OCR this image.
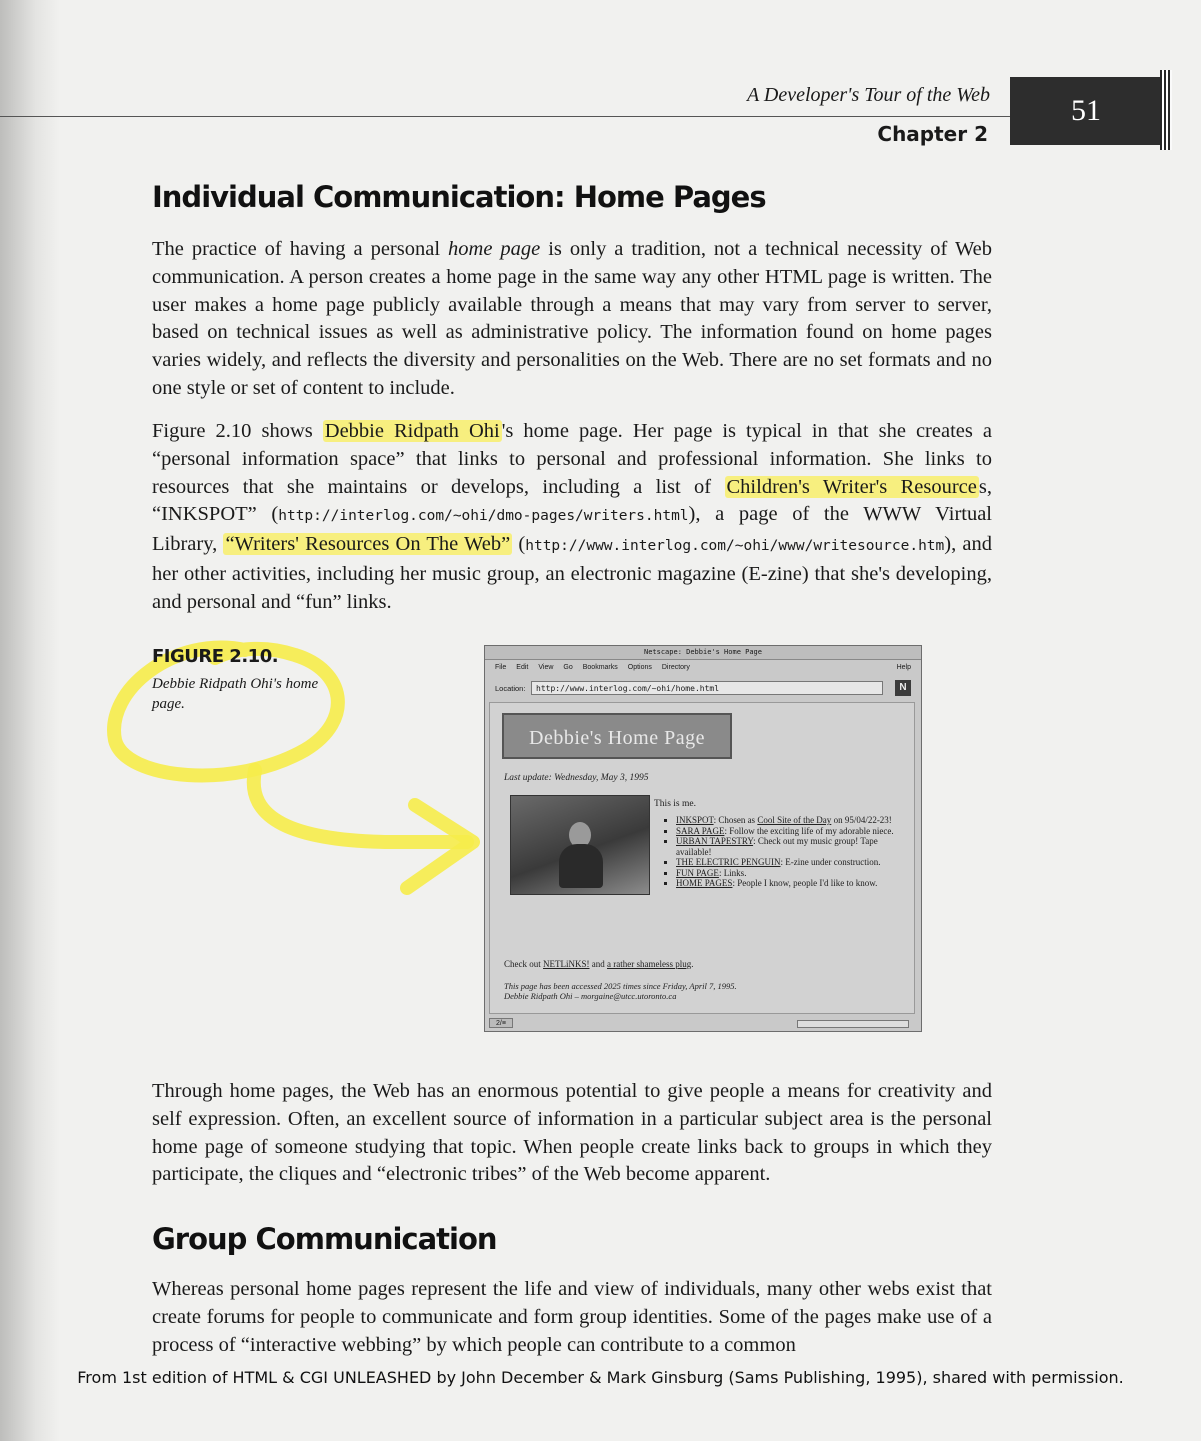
A Developer's Tour of the Web
Chapter 2
51
Individual Communication: Home Pages
The practice of having a personal home page is only a tradition, not a technical necessity of Web communication. A person creates a home page in the same way any other HTML page is written. The user makes a home page publicly available through a means that may vary from server to server, based on technical issues as well as administrative policy. The information found on home pages varies widely, and reflects the diversity and personalities on the Web. There are no set formats and no one style or set of content to include.
Figure 2.10 shows Debbie Ridpath Ohi's home page. Her page is typical in that she creates a “personal information space” that links to personal and professional information. She links to resources that she maintains or develops, including a list of Children's Writer's Resources, “INKSPOT” (http://interlog.com/~ohi/dmo-pages/writers.html), a page of the WWW Virtual Library, “Writers' Resources On The Web” (http://www.interlog.com/~ohi/www/writesource.htm), and her other activities, including her music group, an electronic magazine (E-zine) that she's developing, and personal and “fun” links.
FIGURE 2.10.
Debbie Ridpath Ohi's home page.
Netscape: Debbie's Home Page
File Edit View Go Bookmarks Options Directory	Help
Location:	http://www.interlog.com/~ohi/home.html	N
Debbie's Home Page
Last update: Wednesday, May 3, 1995
This is me.
▪ INKSPOT: Chosen as Cool Site of the Day on 95/04/22-23!
▪ SARA PAGE: Follow the exciting life of my adorable niece.
▪ URBAN TAPESTRY: Check out my music group! Tape available!
▪ THE ELECTRIC PENGUIN: E-zine under construction.
▪ FUN PAGE: Links.
▪ HOME PAGES: People I know, people I'd like to know.
Check out NETLiNKS! and a rather shameless plug.
This page has been accessed 2025 times since Friday, April 7, 1995.
Debbie Ridpath Ohi – morgaine@utcc.utoronto.ca
2/≡
Through home pages, the Web has an enormous potential to give people a means for creativity and self expression. Often, an excellent source of information in a particular subject area is the personal home page of someone studying that topic. When people create links back to groups in which they participate, the cliques and “electronic tribes” of the Web become apparent.
Group Communication
Whereas personal home pages represent the life and view of individuals, many other webs exist that create forums for people to communicate and form group identities. Some of the pages make use of a process of “interactive webbing” by which people can contribute to a common
From 1st edition of HTML & CGI UNLEASHED by John December & Mark Ginsburg (Sams Publishing, 1995), shared with permission.
